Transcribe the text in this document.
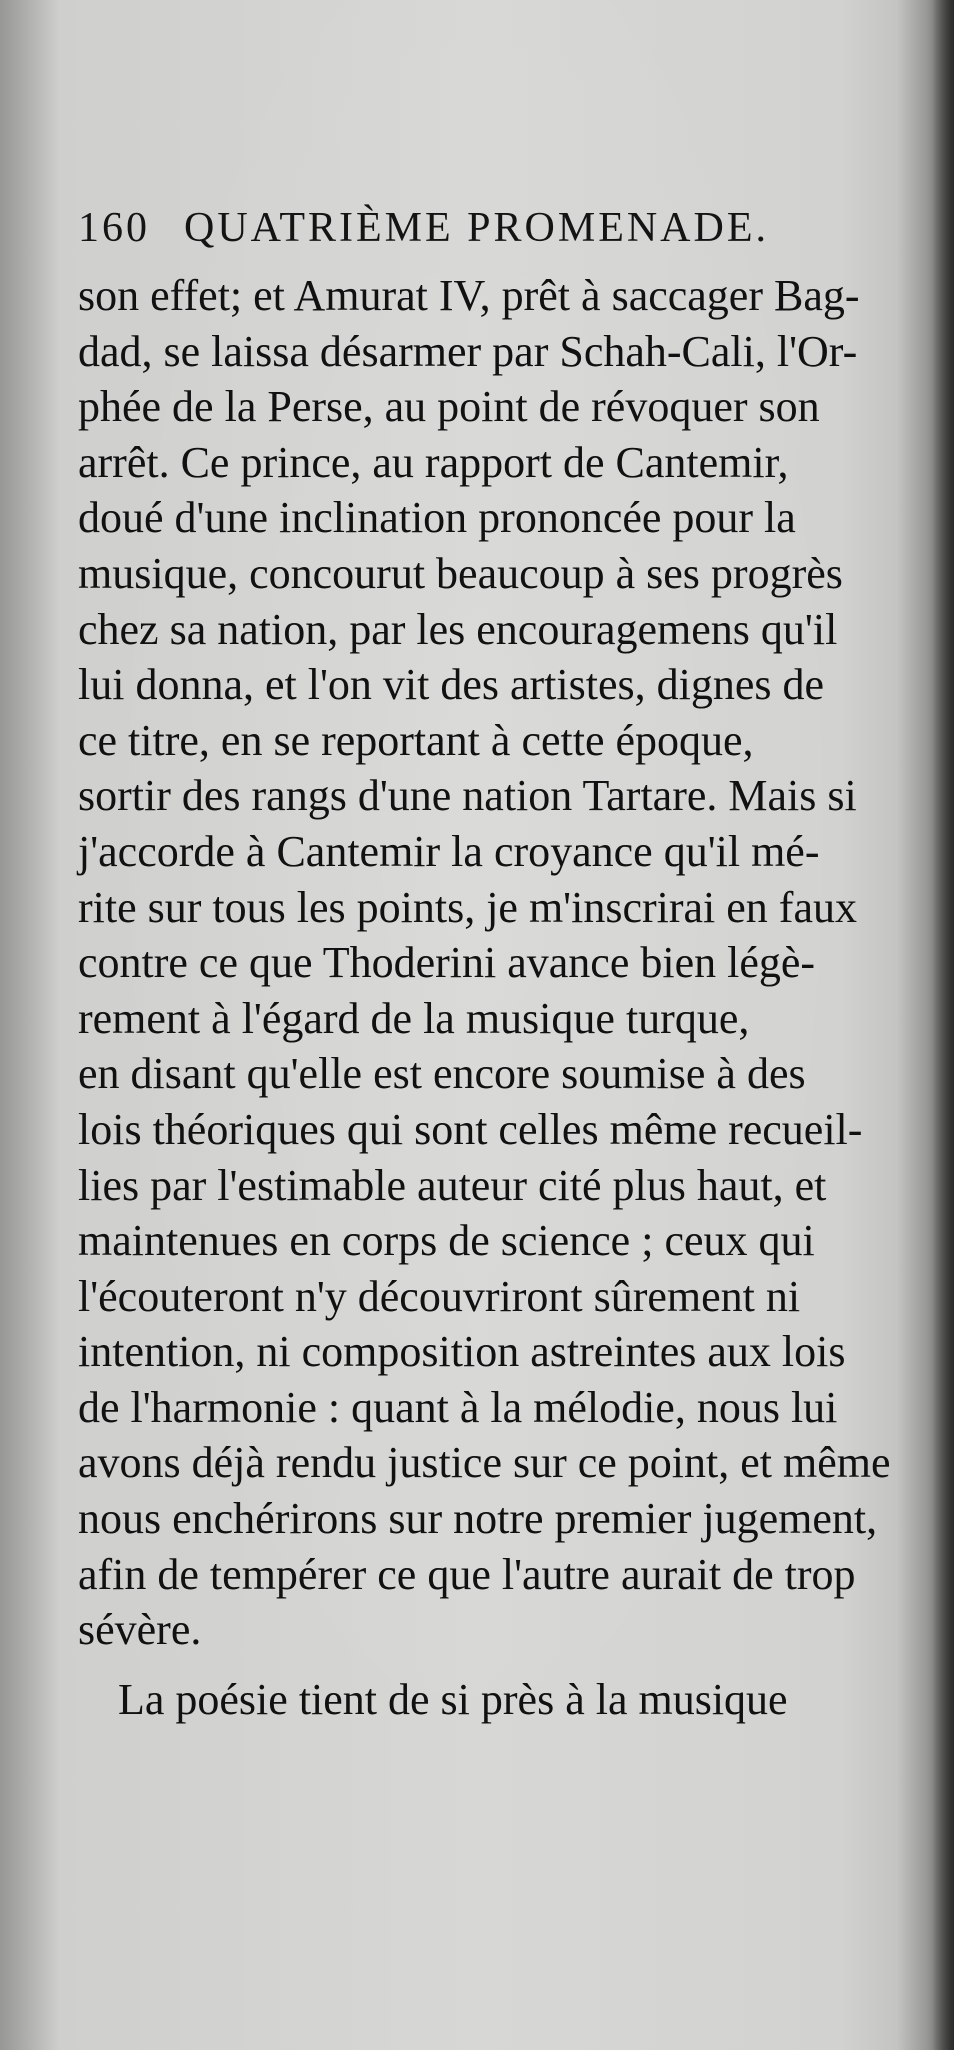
160 QUATRIÈME PROMENADE.
son effet; et Amurat IV, prêt à saccager Bag-
dad, se laissa désarmer par Schah-Cali, l'Or-
phée de la Perse, au point de révoquer son
arrêt. Ce prince, au rapport de Cantemir,
doué d'une inclination prononcée pour la
musique, concourut beaucoup à ses progrès
chez sa nation, par les encouragemens qu'il
lui donna, et l'on vit des artistes, dignes de
ce titre, en se reportant à cette époque,
sortir des rangs d'une nation Tartare. Mais si
j'accorde à Cantemir la croyance qu'il mé-
rite sur tous les points, je m'inscrirai en faux
contre ce que Thoderini avance bien légè-
rement à l'égard de la musique turque,
en disant qu'elle est encore soumise à des
lois théoriques qui sont celles même recueil-
lies par l'estimable auteur cité plus haut, et
maintenues en corps de science ; ceux qui
l'écouteront n'y découvriront sûrement ni
intention, ni composition astreintes aux lois
de l'harmonie : quant à la mélodie, nous lui
avons déjà rendu justice sur ce point, et même
nous enchérirons sur notre premier jugement,
afin de tempérer ce que l'autre aurait de trop
sévère.
La poésie tient de si près à la musique
